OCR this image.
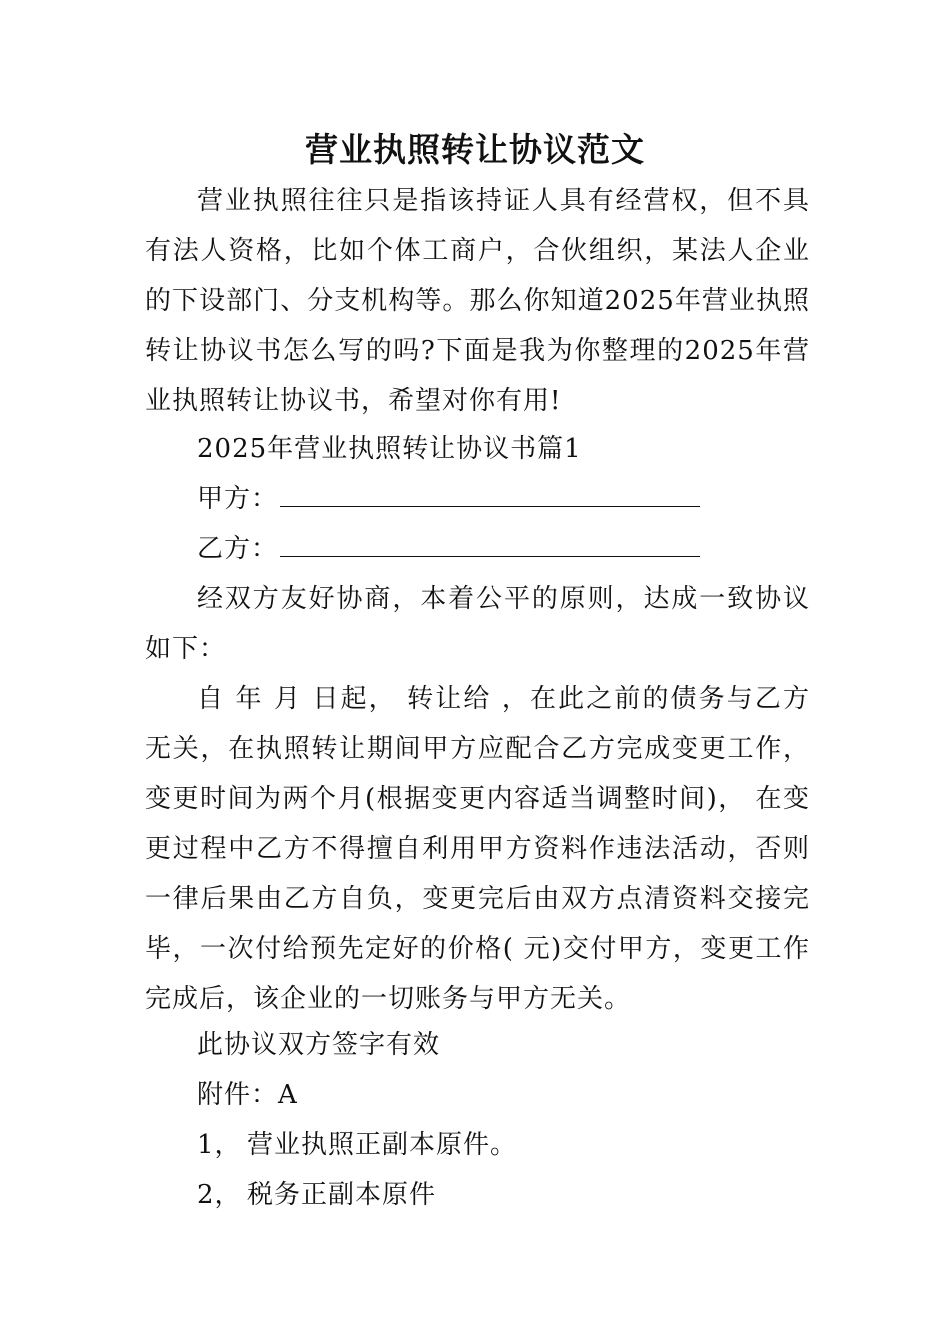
营业执照转让协议范文

营业执照往往只是指该持证人具有经营权，但不具有法人资格，比如个体工商户，合伙组织，某法人企业的下设部门、分支机构等。那么你知道2025年营业执照转让协议书怎么写的吗?下面是我为你整理的2025年营业执照转让协议书，希望对你有用!

2025年营业执照转让协议书篇1
甲方：
乙方：

经双方友好协商，本着公平的原则，达成一致协议如下：

自 年 月 日起， 转让给 ，在此之前的债务与乙方无关，在执照转让期间甲方应配合乙方完成变更工作，变更时间为两个月(根据变更内容适当调整时间)， 在变更过程中乙方不得擅自利用甲方资料作违法活动，否则一律后果由乙方自负，变更完后由双方点清资料交接完毕，一次付给预先定好的价格( 元)交付甲方，变更工作完成后，该企业的一切账务与甲方无关。

此协议双方签字有效
附件：A
1， 营业执照正副本原件。
2， 税务正副本原件
